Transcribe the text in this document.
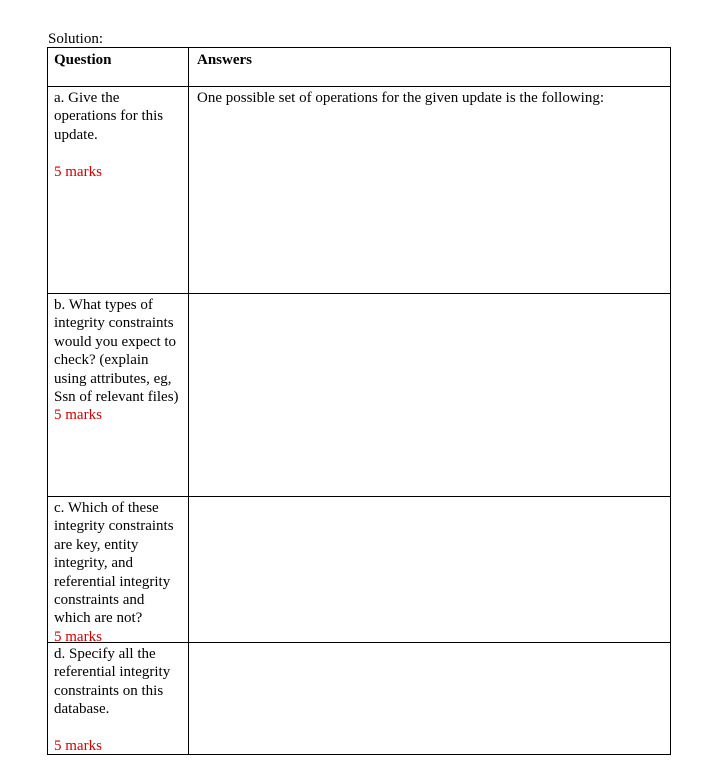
Solution:
Question	Answers
a. Give the operations for this update.
5 marks
One possible set of operations for the given update is the following:
b. What types of integrity constraints would you expect to check? (explain using attributes, eg, Ssn of relevant files)
5 marks
c. Which of these integrity constraints are key, entity integrity, and referential integrity constraints and which are not?
5 marks
d. Specify all the referential integrity constraints on this database.
5 marks
